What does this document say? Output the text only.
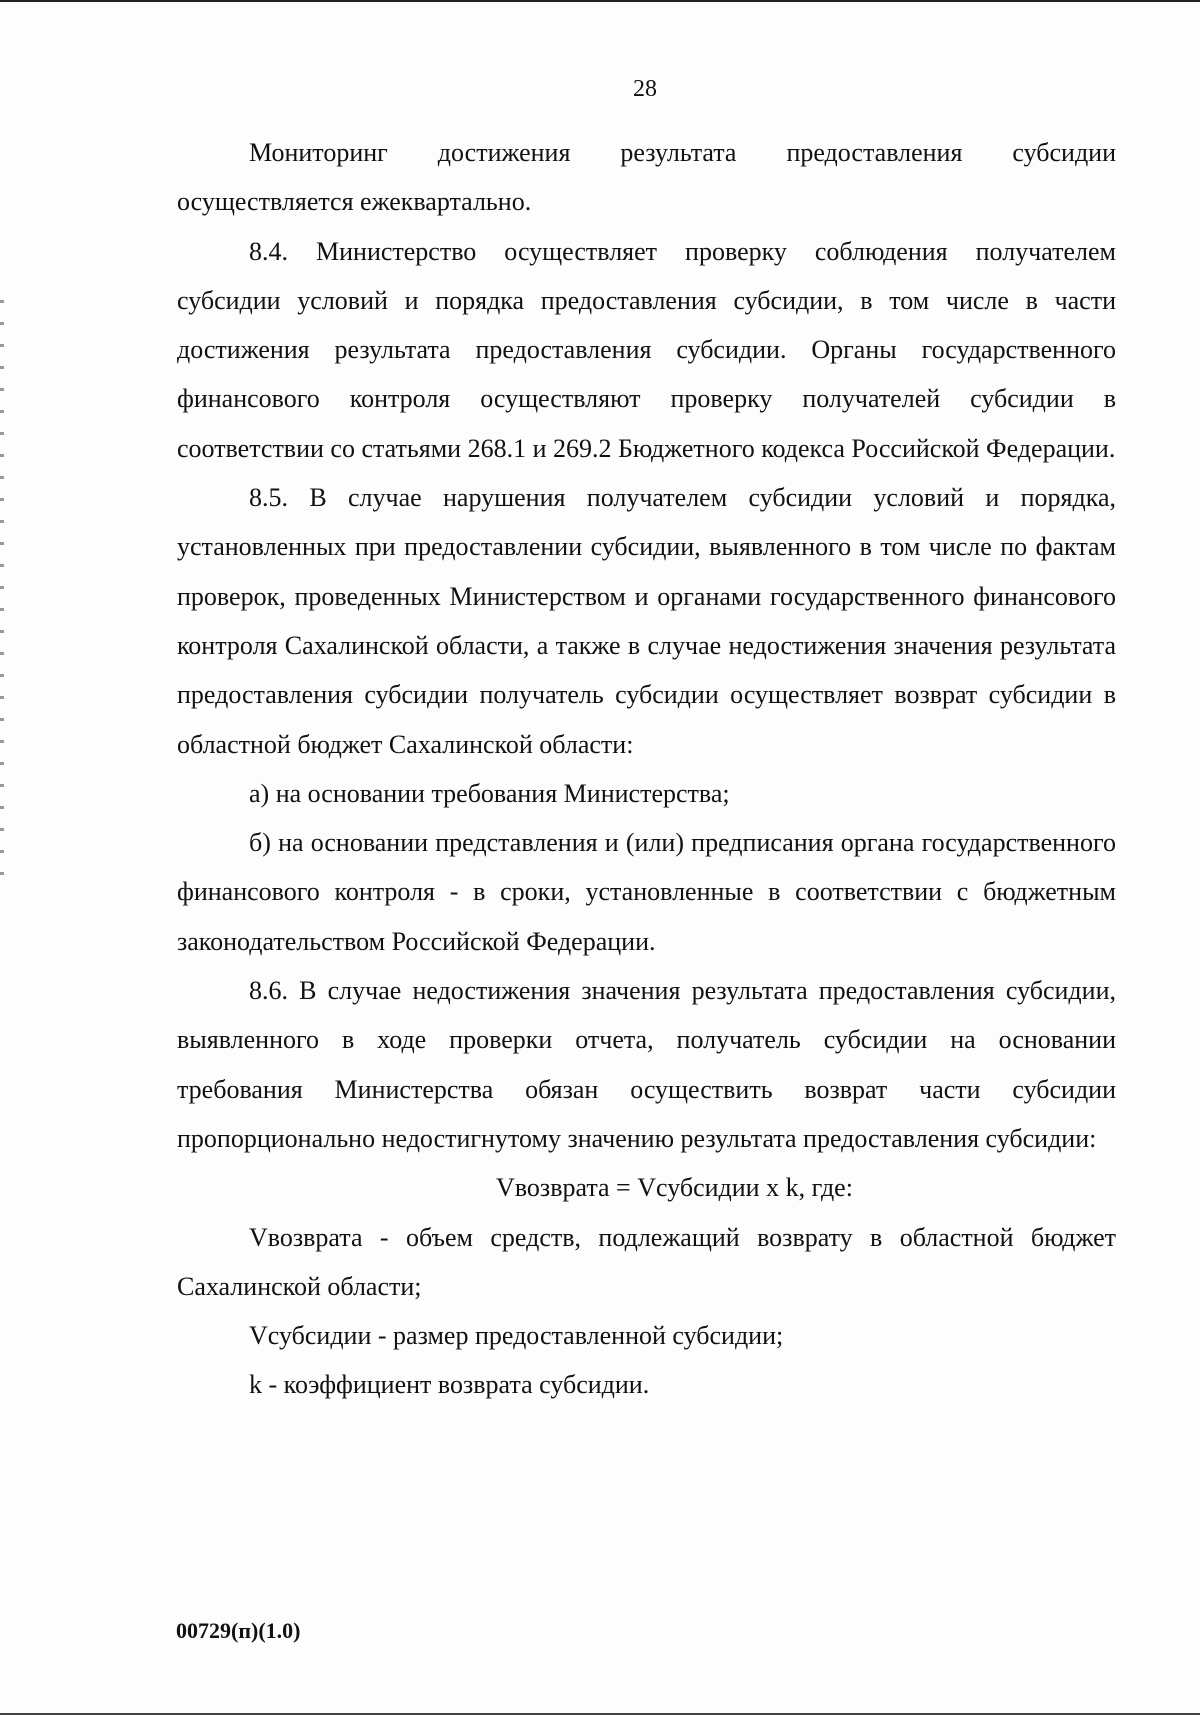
28

Мониторинг достижения результата предоставления субсидии

осуществляется ежеквартально.

8.4. Министерство осуществляет проверку соблюдения получателем субсидии условий и порядка предоставления субсидии, в том числе в части достижения результата предоставления субсидии. Органы государственного финансового контроля осуществляют проверку получателей субсидии в соответствии со статьями 268.1 и 269.2 Бюджетного кодекса Российской Федерации.

8.5. В случае нарушения получателем субсидии условий и порядка, установленных при предоставлении субсидии, выявленного в том числе по фактам проверок, проведенных Министерством и органами государственного финансового контроля Сахалинской области, а также в случае недостижения значения результата предоставления субсидии получатель субсидии осуществляет возврат субсидии в областной бюджет Сахалинской области:

а) на основании требования Министерства;

б) на основании представления и (или) предписания органа государственного финансового контроля - в сроки, установленные в соответствии с бюджетным законодательством Российской Федерации.

8.6. В случае недостижения значения результата предоставления субсидии, выявленного в ходе проверки отчета, получатель субсидии на основании требования Министерства обязан осуществить возврат части субсидии пропорционально недостигнутому значению результата предоставления субсидии:

Vвозврата = Vсубсидии x k, где:

Vвозврата - объем средств, подлежащий возврату в областной бюджет Сахалинской области;

Vсубсидии - размер предоставленной субсидии;

k - коэффициент возврата субсидии.

00729(п)(1.0)
